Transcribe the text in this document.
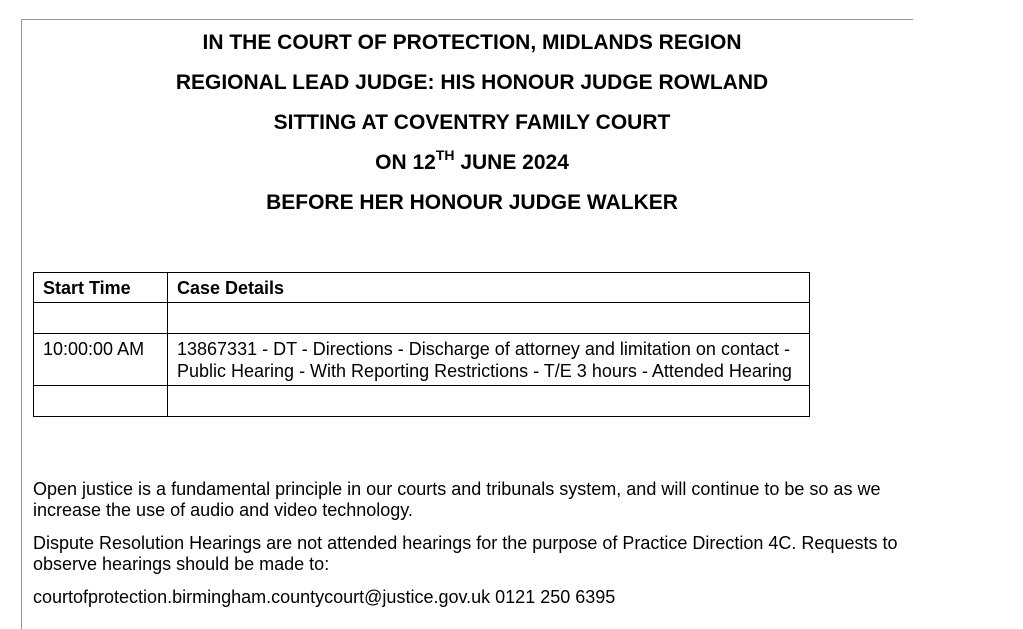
IN THE COURT OF PROTECTION, MIDLANDS REGION
REGIONAL LEAD JUDGE: HIS HONOUR JUDGE ROWLAND
SITTING AT COVENTRY FAMILY COURT
ON 12TH JUNE 2024
BEFORE HER HONOUR JUDGE WALKER
Start Time	Case Details

10:00:00 AM	13867331 - DT - Directions - Discharge of attorney and limitation on contact - Public Hearing - With Reporting Restrictions - T/E 3 hours - Attended Hearing

Open justice is a fundamental principle in our courts and tribunals system, and will continue to be so as we increase the use of audio and video technology.

Dispute Resolution Hearings are not attended hearings for the purpose of Practice Direction 4C. Requests to observe hearings should be made to:

courtofprotection.birmingham.countycourt@justice.gov.uk 0121 250 6395
